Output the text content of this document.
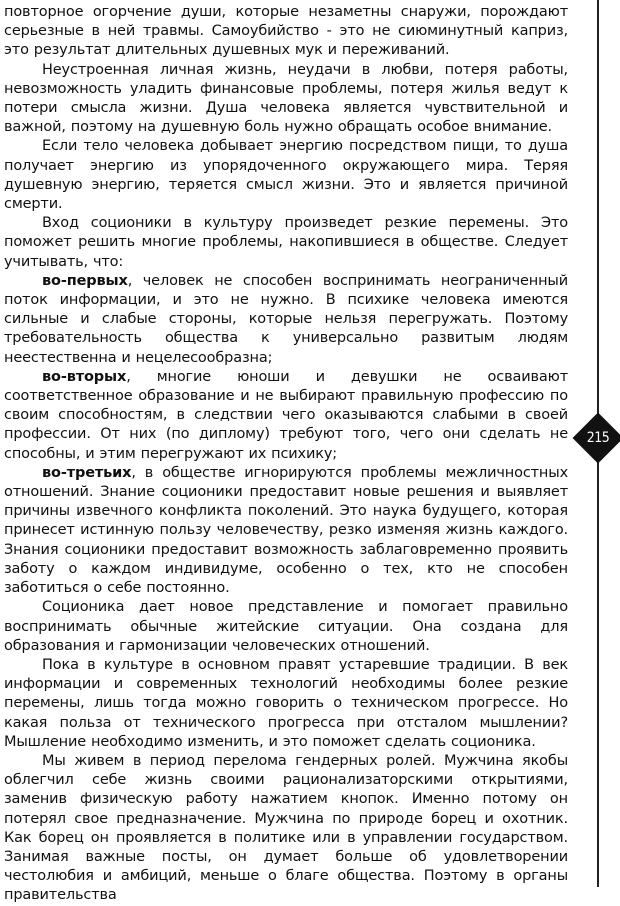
повторное огорчение души, которые незаметны снаружи, порождают серьезные в ней травмы. Самоубийство - это не сиюминутный каприз, это результат длительных душевных мук и переживаний.

Неустроенная личная жизнь, неудачи в любви, потеря работы, невозможность уладить финансовые проблемы, потеря жилья ведут к потери смысла жизни. Душа человека является чувствительной и важной, поэтому на душевную боль нужно обращать особое внимание.

Если тело человека добывает энергию посредством пищи, то душа получает энергию из упорядоченного окружающего мира. Теряя душевную энергию, теряется смысл жизни. Это и является причиной смерти.

Вход соционики в культуру произведет резкие перемены. Это поможет решить многие проблемы, накопившиеся в обществе. Следует учитывать, что:

во-первых, человек не способен воспринимать неограниченный поток информации, и это не нужно. В психике человека имеются сильные и слабые стороны, которые нельзя перегружать. Поэтому требовательность общества к универсально развитым людям неестественна и нецелесообразна;

во-вторых, многие юноши и девушки не осваивают соответственное образование и не выбирают правильную профессию по своим способностям, в следствии чего оказываются слабыми в своей профессии. От них (по диплому) требуют того, чего они сделать не способны, и этим перегружают их психику;

во-третьих, в обществе игнорируются проблемы межличностных отношений. Знание соционики предоставит новые решения и выявляет причины извечного конфликта поколений. Это наука будущего, которая принесет истинную пользу человечеству, резко изменяя жизнь каждого. Знания соционики предоставит возможность заблаговременно проявить заботу о каждом индивидуме, особенно о тех, кто не способен заботиться о себе постоянно.

Соционика дает новое представление и помогает правильно воспринимать обычные житейские ситуации. Она создана для образования и гармонизации человеческих отношений.

Пока в культуре в основном правят устаревшие традиции. В век информации и современных технологий необходимы более резкие перемены, лишь тогда можно говорить о техническом прогрессе. Но какая польза от технического прогресса при отсталом мышлении? Мышление необходимо изменить, и это поможет сделать соционика.

Мы живем в период перелома гендерных ролей. Мужчина якобы облегчил себе жизнь своими рационализаторскими открытиями, заменив физическую работу нажатием кнопок. Именно потому он потерял свое предназначение. Мужчина по природе борец и охотник. Как борец он проявляется в политике или в управлении государством. Занимая важные посты, он думает больше об удовлетворении честолюбия и амбиций, меньше о благе общества. Поэтому в органы правительства

215
